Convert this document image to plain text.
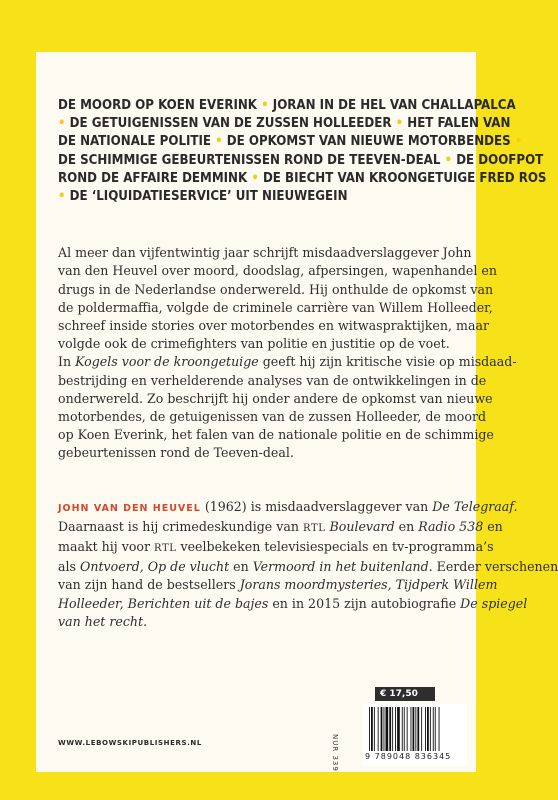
DE MOORD OP KOEN EVERINK • JORAN IN DE HEL VAN CHALLAPALCA
• DE GETUIGENISSEN VAN DE ZUSSEN HOLLEEDER • HET FALEN VAN
DE NATIONALE POLITIE • DE OPKOMST VAN NIEUWE MOTORBENDES •
DE SCHIMMIGE GEBEURTENISSEN ROND DE TEEVEN-DEAL • DE DOOFPOT
ROND DE AFFAIRE DEMMINK • DE BIECHT VAN KROONGETUIGE FRED ROS
• DE ‘LIQUIDATIESERVICE’ UIT NIEUWEGEIN
Al meer dan vijfentwintig jaar schrijft misdaadverslaggever John
van den Heuvel over moord, doodslag, afpersingen, wapenhandel en
drugs in de Nederlandse onderwereld. Hij onthulde de opkomst van
de poldermaffia, volgde de criminele carrière van Willem Holleeder,
schreef inside stories over motorbendes en witwaspraktijken, maar
volgde ook de crimefighters van politie en justitie op de voet.
In Kogels voor de kroongetuige geeft hij zijn kritische visie op misdaad-
bestrijding en verhelderende analyses van de ontwikkelingen in de
onderwereld. Zo beschrijft hij onder andere de opkomst van nieuwe
motorbendes, de getuigenissen van de zussen Holleeder, de moord
op Koen Everink, het falen van de nationale politie en de schimmige
gebeurtenissen rond de Teeven-deal.
JOHN VAN DEN HEUVEL (1962) is misdaadverslaggever van De Telegraaf.
Daarnaast is hij crimedeskundige van RTL Boulevard en Radio 538 en
maakt hij voor RTL veelbekeken televisiespecials en tv-programma’s
als Ontvoerd, Op de vlucht en Vermoord in het buitenland. Eerder verschenen
van zijn hand de bestsellers Jorans moordmysteries, Tijdperk Willem
Holleeder, Berichten uit de bajes en in 2015 zijn autobiografie De spiegel
van het recht.
WWW.LEBOWSKIPUBLISHERS.NL	NUR 339
€ 17,50
9 789048 836345
